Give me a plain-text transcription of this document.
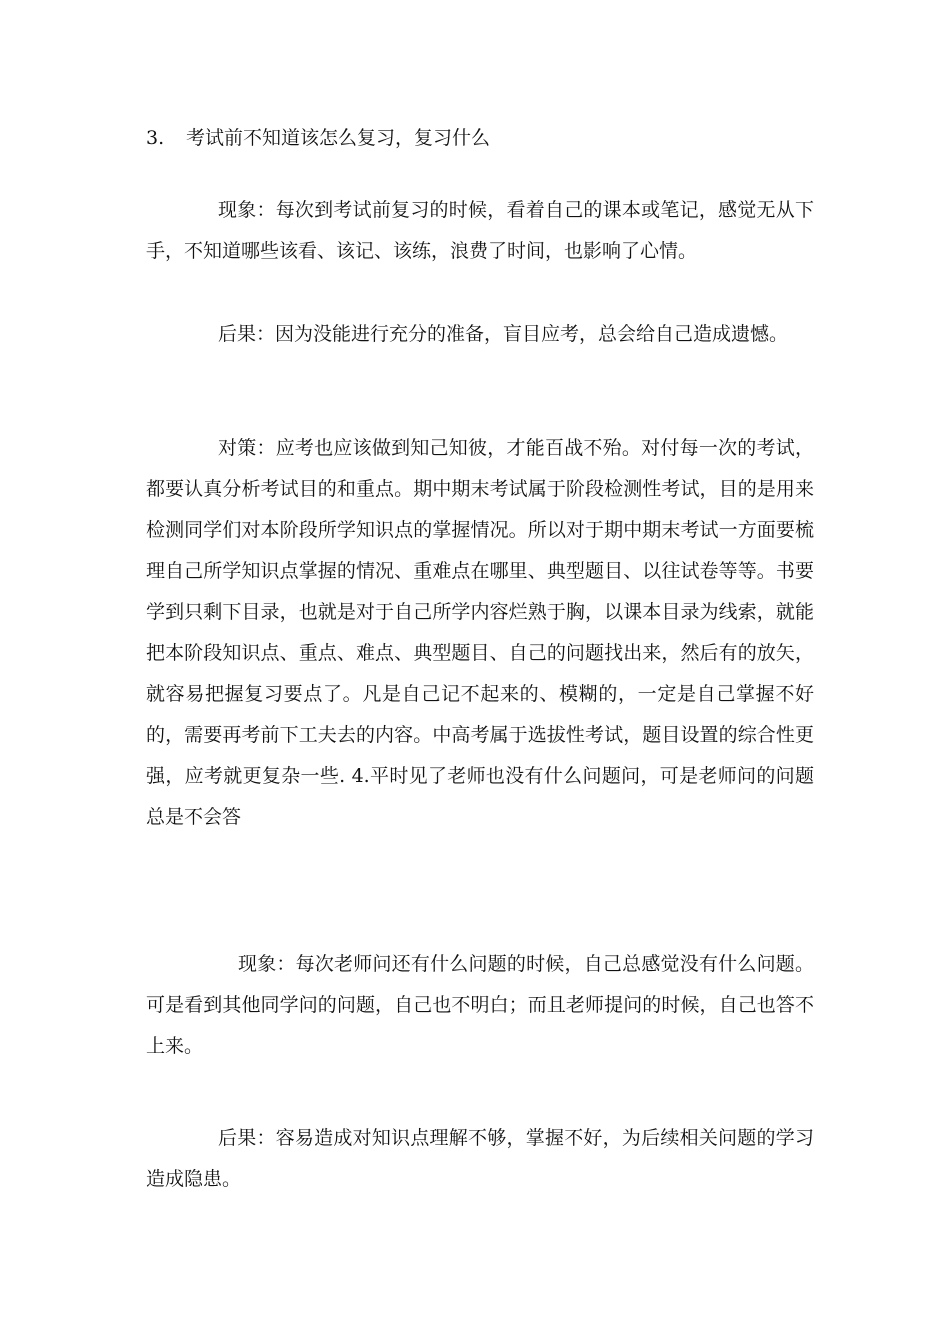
3. 考试前不知道该怎么复习，复习什么

现象：每次到考试前复习的时候，看着自己的课本或笔记，感觉无从下手，不知道哪些该看、该记、该练，浪费了时间，也影响了心情。

后果：因为没能进行充分的准备，盲目应考，总会给自己造成遗憾。

对策：应考也应该做到知己知彼，才能百战不殆。对付每一次的考试，都要认真分析考试目的和重点。期中期末考试属于阶段检测性考试，目的是用来检测同学们对本阶段所学知识点的掌握情况。所以对于期中期末考试一方面要梳理自己所学知识点掌握的情况、重难点在哪里、典型题目、以往试卷等等。书要学到只剩下目录，也就是对于自己所学内容烂熟于胸，以课本目录为线索，就能把本阶段知识点、重点、难点、典型题目、自己的问题找出来，然后有的放矢，就容易把握复习要点了。凡是自己记不起来的、模糊的，一定是自己掌握不好的，需要再考前下工夫去的内容。中高考属于选拔性考试，题目设置的综合性更强，应考就更复杂一些. 4.平时见了老师也没有什么问题问，可是老师问的问题总是不会答

现象：每次老师问还有什么问题的时候，自己总感觉没有什么问题。可是看到其他同学问的问题，自己也不明白；而且老师提问的时候，自己也答不上来。

后果：容易造成对知识点理解不够，掌握不好，为后续相关问题的学习造成隐患。
